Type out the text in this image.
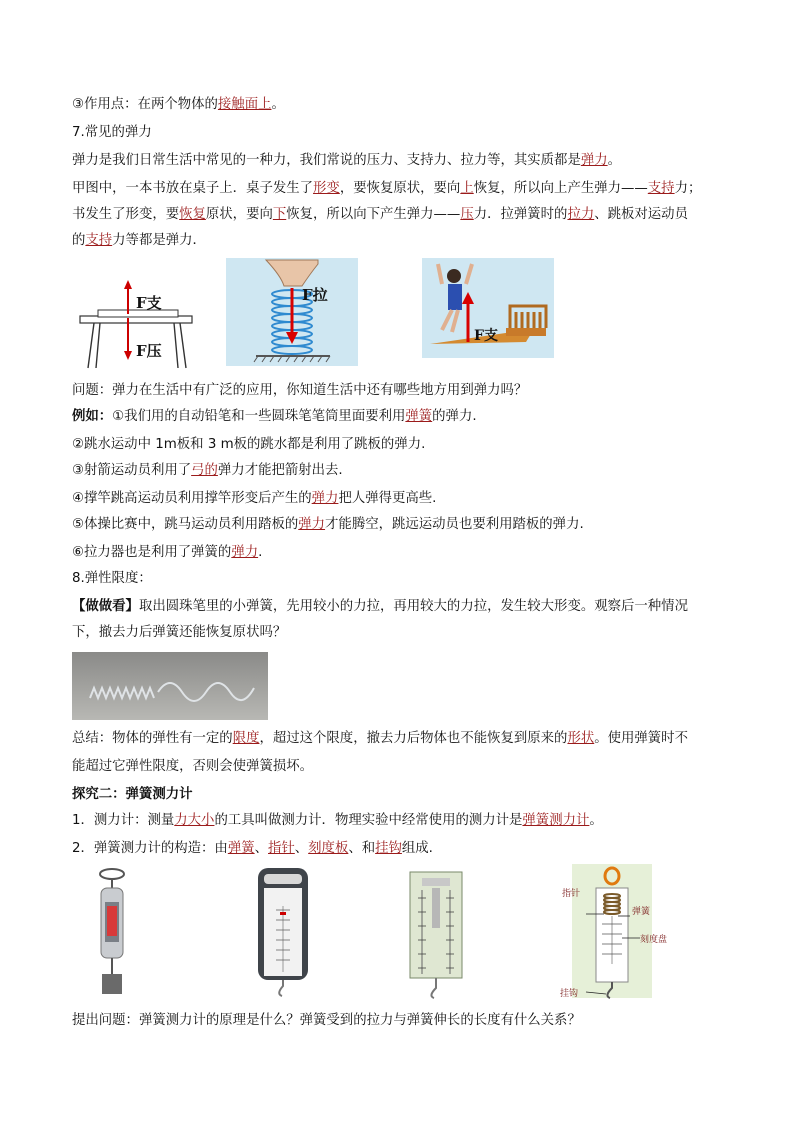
③作用点：在两个物体的接触面上。
7.常见的弹力
弹力是我们日常生活中常见的一种力，我们常说的压力、支持力、拉力等，其实质都是弹力。
甲图中，一本书放在桌子上．桌子发生了形变，要恢复原状，要向上恢复，所以向上产生弹力——支持力；
书发生了形变，要恢复原状，要向下恢复，所以向下产生弹力——压力．拉弹簧时的拉力、跳板对运动员
的支持力等都是弹力．
F支
F压
F拉
F支
问题：弹力在生活中有广泛的应用，你知道生活中还有哪些地方用到弹力吗？
例如：①我们用的自动铅笔和一些圆珠笔笔筒里面要利用弹簧的弹力.
②跳水运动中 1m板和 3 m板的跳水都是利用了跳板的弹力.
③射箭运动员利用了弓的弹力才能把箭射出去.
④撑竿跳高运动员利用撑竿形变后产生的弹力把人弹得更高些.
⑤体操比赛中，跳马运动员利用踏板的弹力才能腾空，跳远运动员也要利用踏板的弹力.
⑥拉力器也是利用了弹簧的弹力.
8.弹性限度：
【做做看】取出圆珠笔里的小弹簧，先用较小的力拉，再用较大的力拉，发生较大形变。观察后一种情况
下，撤去力后弹簧还能恢复原状吗？
总结：物体的弹性有一定的限度，超过这个限度，撤去力后物体也不能恢复到原来的形状。使用弹簧时不
能超过它弹性限度，否则会使弹簧损坏。
探究二：弹簧测力计
1．测力计：测量力大小的工具叫做测力计．物理实验中经常使用的测力计是弹簧测力计。
2．弹簧测力计的构造：由弹簧、指针、刻度板、和挂钩组成.
指针
弹簧
刻度盘
挂钩
提出问题：弹簧测力计的原理是什么？弹簧受到的拉力与弹簧伸长的长度有什么关系？
